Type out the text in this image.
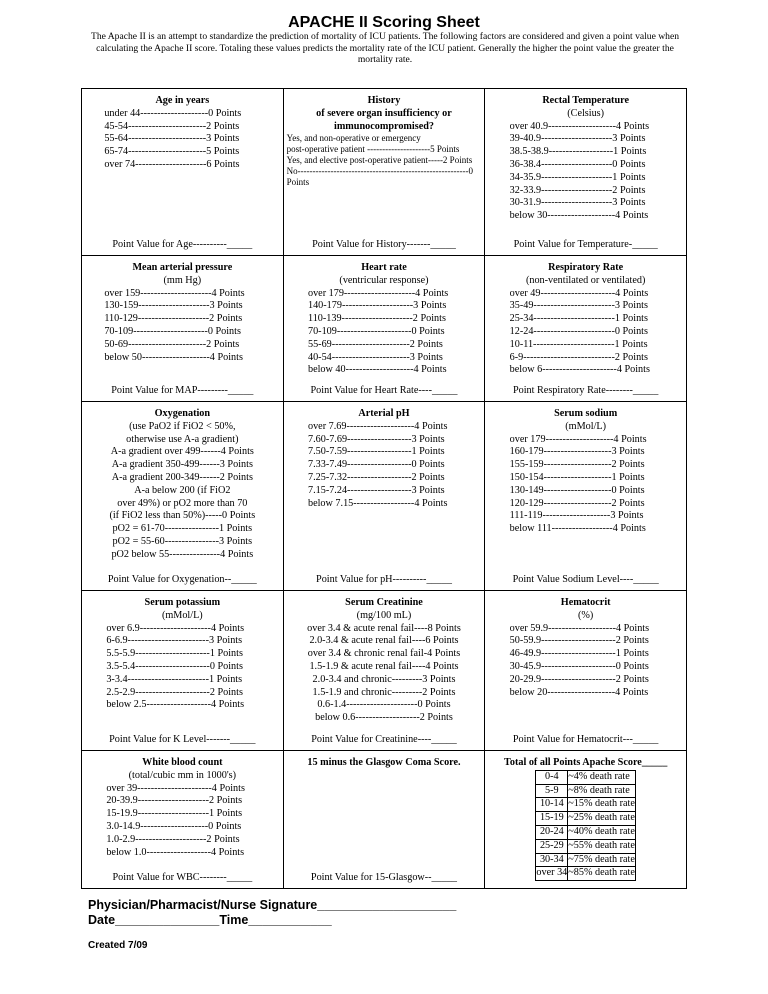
APACHE II Scoring Sheet
The Apache II is an attempt to standardize the prediction of mortality of ICU patients. The following factors are considered and given a point value when calculating the Apache II score. Totaling these values predicts the mortality rate of the ICU patient. Generally the higher the point value the greater the mortality rate.
Age in years
under 44--------------------0 Points
45-54-----------------------2 Points
55-64-----------------------3 Points
65-74-----------------------5 Points
over 74---------------------6 Points
Point Value for Age----------_____

History
of severe organ insufficiency or
immunocompromised?
Yes, and non-operative or emergency
post-operative patient ---------------------5 Points
Yes, and elective post-operative patient-----2 Points
No---------------------------------------------------------0 Points
Point Value for History-------_____

Rectal Temperature
(Celsius)
over 40.9--------------------4 Points
39-40.9---------------------3 Points
38.5-38.9-------------------1 Points
36-38.4---------------------0 Points
34-35.9---------------------1 Points
32-33.9---------------------2 Points
30-31.9---------------------3 Points
below 30--------------------4 Points
Point Value for Temperature-_____

Mean arterial pressure
(mm Hg)
over 159---------------------4 Points
130-159---------------------3 Points
110-129---------------------2 Points
70-109----------------------0 Points
50-69-----------------------2 Points
below 50--------------------4 Points
Point Value for MAP---------_____

Heart rate
(ventricular response)
over 179---------------------4 Points
140-179---------------------3 Points
110-139---------------------2 Points
70-109----------------------0 Points
55-69-----------------------2 Points
40-54-----------------------3 Points
below 40--------------------4 Points
Point Value for Heart Rate----_____

Respiratory Rate
(non-ventilated or ventilated)
over 49----------------------4 Points
35-49------------------------3 Points
25-34------------------------1 Points
12-24------------------------0 Points
10-11------------------------1 Points
6-9---------------------------2 Points
below 6----------------------4 Points
Point Respiratory Rate--------_____

Oxygenation
(use PaO2 if FiO2 < 50%,
otherwise use A-a gradient)
A-a gradient over 499------4 Points
A-a gradient 350-499------3 Points
A-a gradient 200-349------2 Points
A-a below 200 (if FiO2
over 49%) or pO2 more than 70
(if FiO2 less than 50%)-----0 Points
pO2 = 61-70----------------1 Points
pO2 = 55-60----------------3 Points
pO2 below 55---------------4 Points
Point Value for Oxygenation--_____

Arterial pH
over 7.69--------------------4 Points
7.60-7.69-------------------3 Points
7.50-7.59-------------------1 Points
7.33-7.49-------------------0 Points
7.25-7.32-------------------2 Points
7.15-7.24-------------------3 Points
below 7.15------------------4 Points
Point Value for pH----------_____

Serum sodium
(mMol/L)
over 179--------------------4 Points
160-179--------------------3 Points
155-159--------------------2 Points
150-154--------------------1 Points
130-149--------------------0 Points
120-129--------------------2 Points
111-119--------------------3 Points
below 111------------------4 Points
Point Value Sodium Level----_____

Serum potassium
(mMol/L)
over 6.9---------------------4 Points
6-6.9------------------------3 Points
5.5-5.9----------------------1 Points
3.5-5.4----------------------0 Points
3-3.4------------------------1 Points
2.5-2.9----------------------2 Points
below 2.5-------------------4 Points
Point Value for K Level-------_____

Serum Creatinine
(mg/100 mL)
over 3.4 & acute renal fail----8 Points
2.0-3.4 & acute renal fail----6 Points
over 3.4 & chronic renal fail-4 Points
1.5-1.9 & acute renal fail----4 Points
2.0-3.4 and chronic---------3 Points
1.5-1.9 and chronic---------2 Points
0.6-1.4---------------------0 Points
below 0.6-------------------2 Points
Point Value for Creatinine----_____

Hematocrit
(%)
over 59.9--------------------4 Points
50-59.9----------------------2 Points
46-49.9----------------------1 Points
30-45.9----------------------0 Points
20-29.9----------------------2 Points
below 20--------------------4 Points
Point Value for Hematocrit---_____

White blood count
(total/cubic mm in 1000's)
over 39----------------------4 Points
20-39.9---------------------2 Points
15-19.9---------------------1 Points
3.0-14.9--------------------0 Points
1.0-2.9---------------------2 Points
below 1.0-------------------4 Points
Point Value for WBC--------_____

15 minus the Glasgow Coma Score.
Point Value for 15-Glasgow--_____

Total of all Points Apache Score_____
0-4	~4% death rate
5-9	~8% death rate
10-14	~15% death rate
15-19	~25% death rate
20-24	~40% death rate
25-29	~55% death rate
30-34	~75% death rate
over 34	~85% death rate
Physician/Pharmacist/Nurse Signature____________________
Date_______________Time____________
Created 7/09
